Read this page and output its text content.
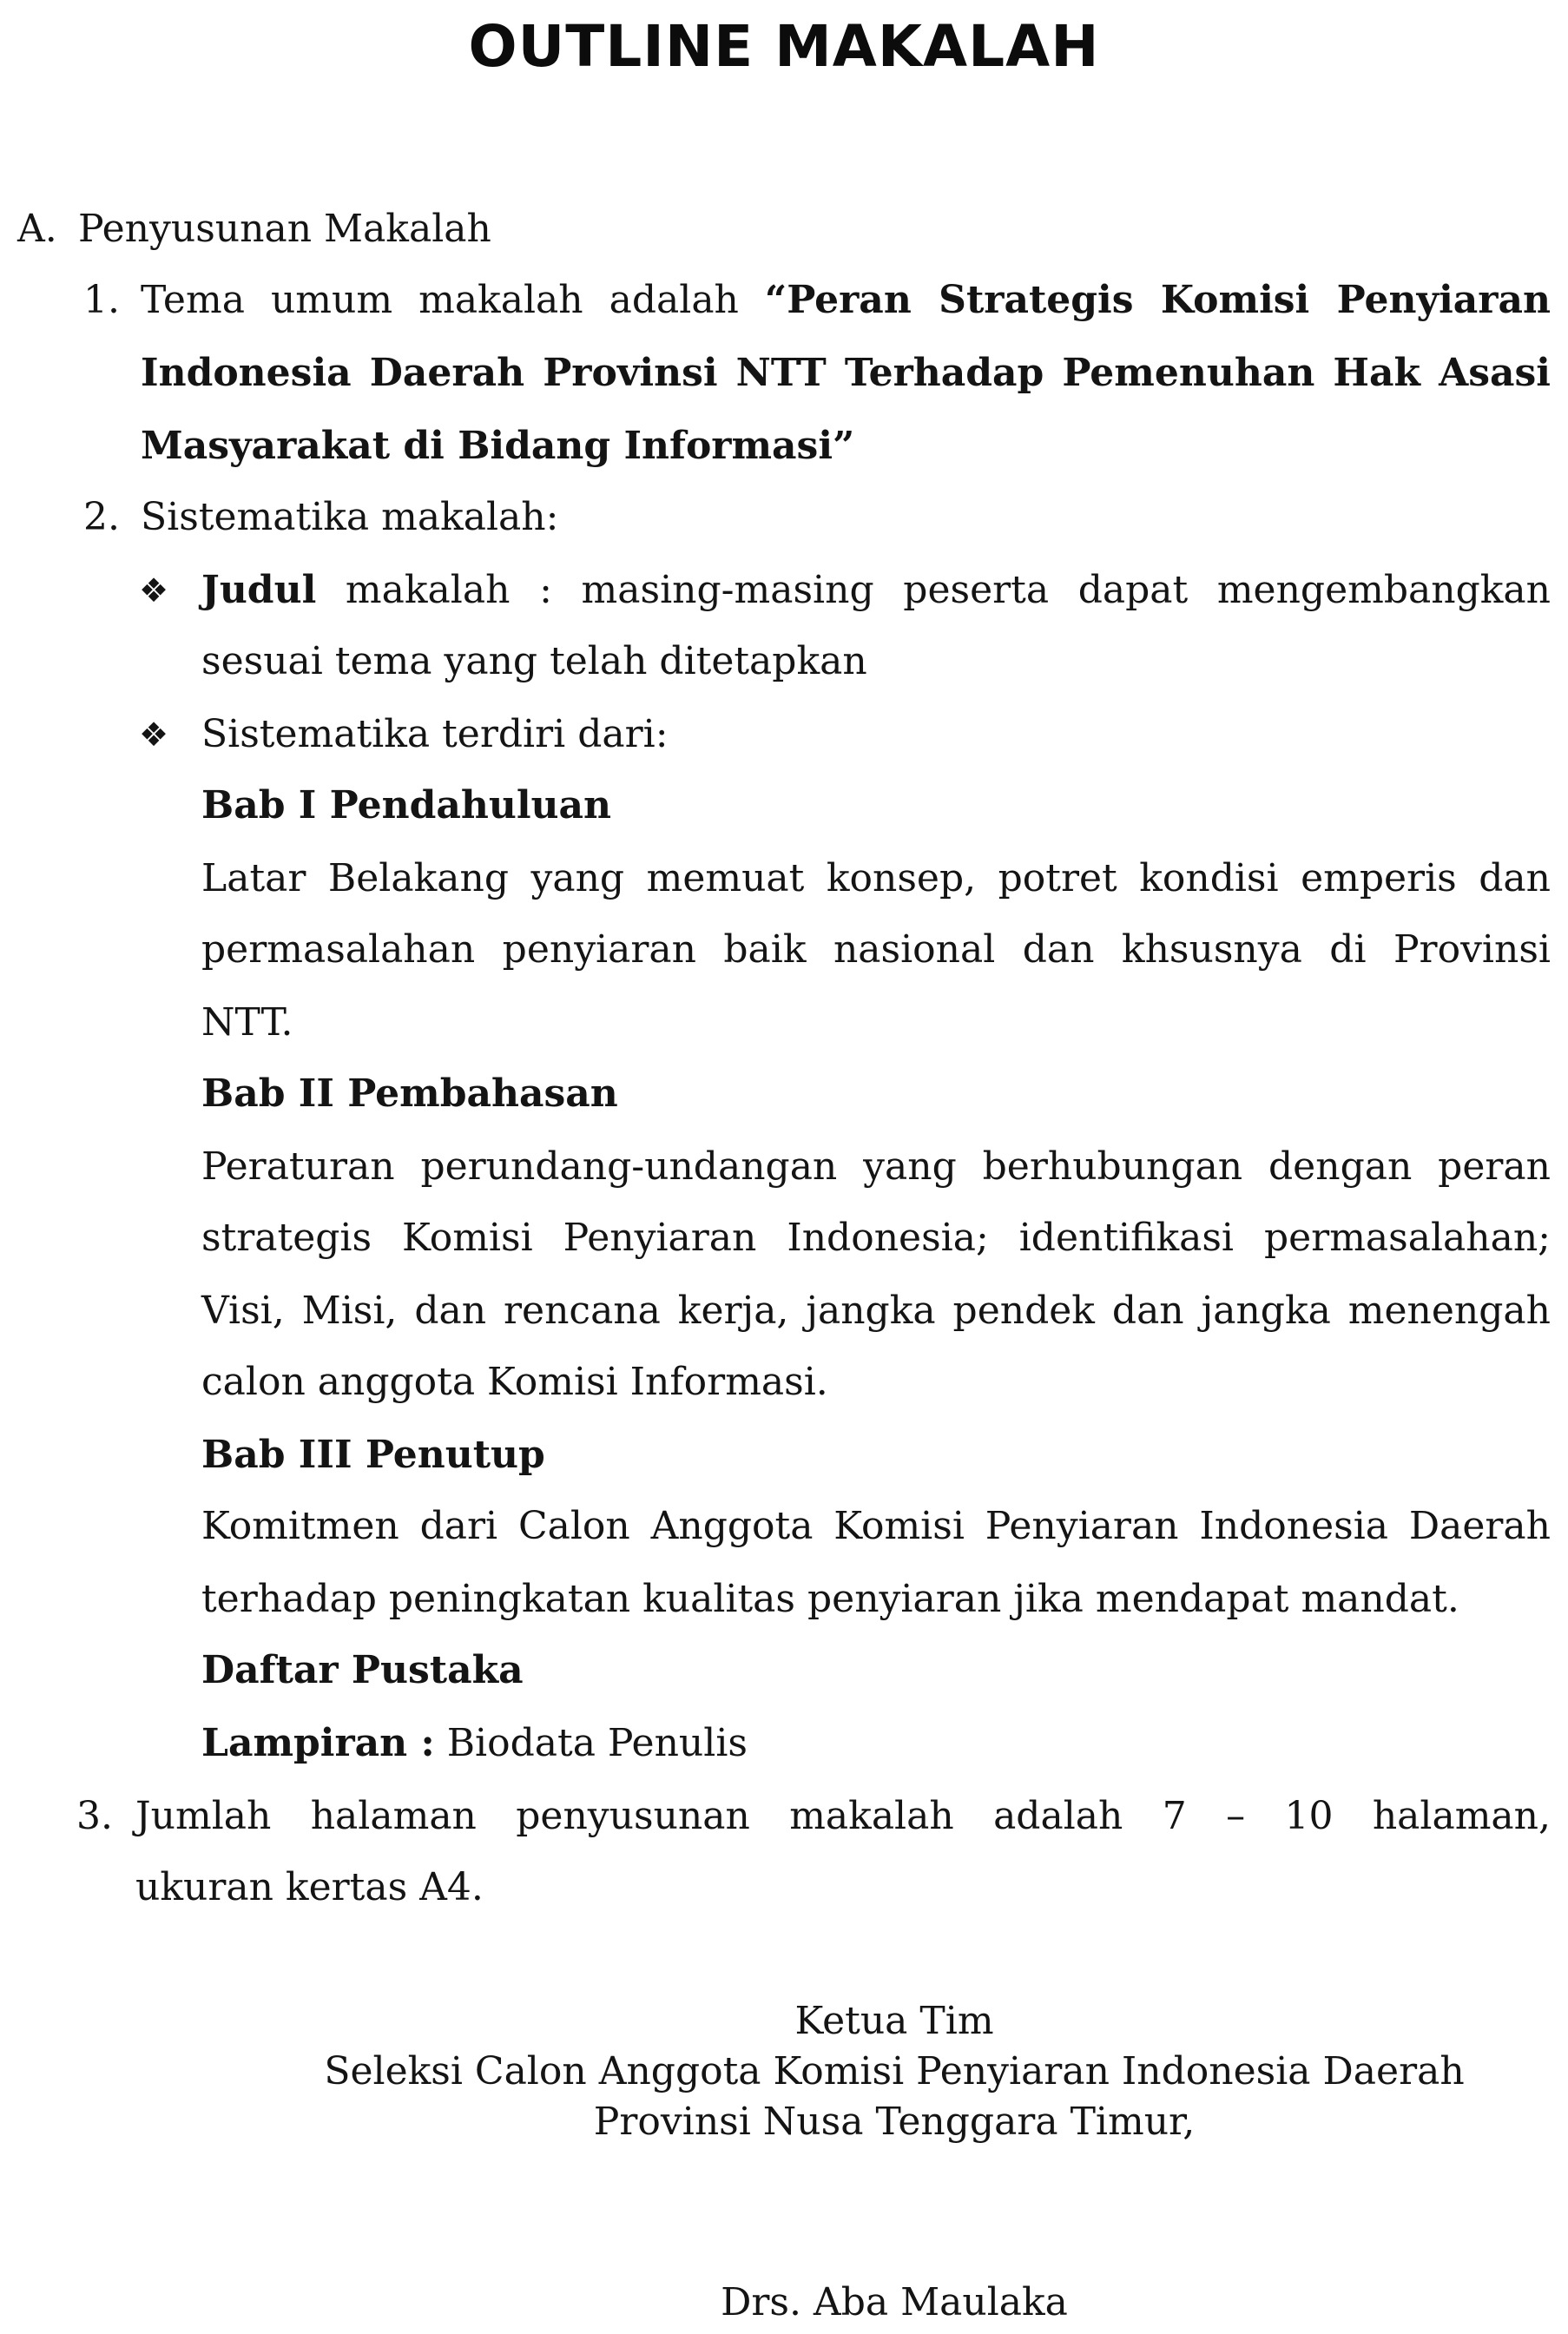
OUTLINE MAKALAH
A. Penyusunan Makalah
1. Tema umum makalah adalah “Peran Strategis Komisi Penyiaran
Indonesia Daerah Provinsi NTT Terhadap Pemenuhan Hak Asasi
Masyarakat di Bidang Informasi”
2. Sistematika makalah:
❖ Judul makalah : masing-masing peserta dapat mengembangkan
sesuai tema yang telah ditetapkan
❖ Sistematika terdiri dari:
Bab I Pendahuluan
Latar Belakang yang memuat konsep, potret kondisi emperis dan
permasalahan penyiaran baik nasional dan khsusnya di Provinsi
NTT.
Bab II Pembahasan
Peraturan perundang-undangan yang berhubungan dengan peran
strategis Komisi Penyiaran Indonesia; identifikasi permasalahan;
Visi, Misi, dan rencana kerja, jangka pendek dan jangka menengah
calon anggota Komisi Informasi.
Bab III Penutup
Komitmen dari Calon Anggota Komisi Penyiaran Indonesia Daerah
terhadap peningkatan kualitas penyiaran jika mendapat mandat.
Daftar Pustaka
Lampiran : Biodata Penulis
3. Jumlah halaman penyusunan makalah adalah 7 – 10 halaman,
ukuran kertas A4.
Ketua Tim
Seleksi Calon Anggota Komisi Penyiaran Indonesia Daerah
Provinsi Nusa Tenggara Timur,
Drs. Aba Maulaka
